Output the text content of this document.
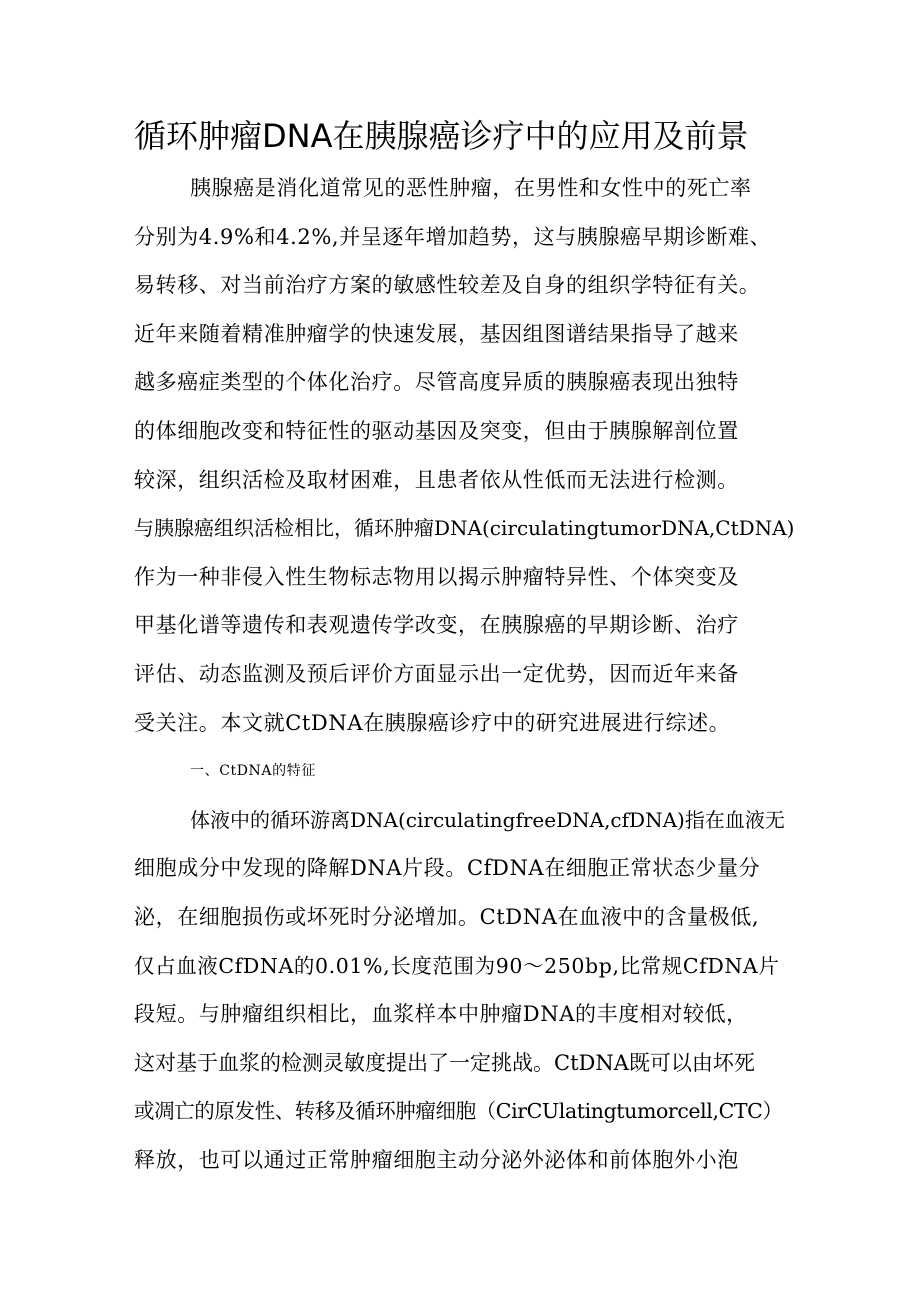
循环肿瘤DNA在胰腺癌诊疗中的应用及前景
胰腺癌是消化道常见的恶性肿瘤，在男性和女性中的死亡率
分别为4.9%和4.2%,并呈逐年增加趋势，这与胰腺癌早期诊断难、
易转移、对当前治疗方案的敏感性较差及自身的组织学特征有关。
近年来随着精准肿瘤学的快速发展，基因组图谱结果指导了越来
越多癌症类型的个体化治疗。尽管高度异质的胰腺癌表现出独特
的体细胞改变和特征性的驱动基因及突变，但由于胰腺解剖位置
较深，组织活检及取材困难，且患者依从性低而无法进行检测。
与胰腺癌组织活检相比，循环肿瘤DNA(circulatingtumorDNA,CtDNA)
作为一种非侵入性生物标志物用以揭示肿瘤特异性、个体突变及
甲基化谱等遗传和表观遗传学改变，在胰腺癌的早期诊断、治疗
评估、动态监测及预后评价方面显示出一定优势，因而近年来备
受关注。本文就CtDNA在胰腺癌诊疗中的研究进展进行综述。
一、CtDNA的特征
体液中的循环游离DNA(circulatingfreeDNA,cfDNA)指在血液无
细胞成分中发现的降解DNA片段。CfDNA在细胞正常状态少量分
泌，在细胞损伤或坏死时分泌增加。CtDNA在血液中的含量极低,
仅占血液CfDNA的0.01%,长度范围为90～250bp,比常规CfDNA片
段短。与肿瘤组织相比，血浆样本中肿瘤DNA的丰度相对较低，
这对基于血浆的检测灵敏度提出了一定挑战。CtDNA既可以由坏死
或凋亡的原发性、转移及循环肿瘤细胞（CirCUlatingtumorcell,CTC）
释放，也可以通过正常肿瘤细胞主动分泌外泌体和前体胞外小泡
